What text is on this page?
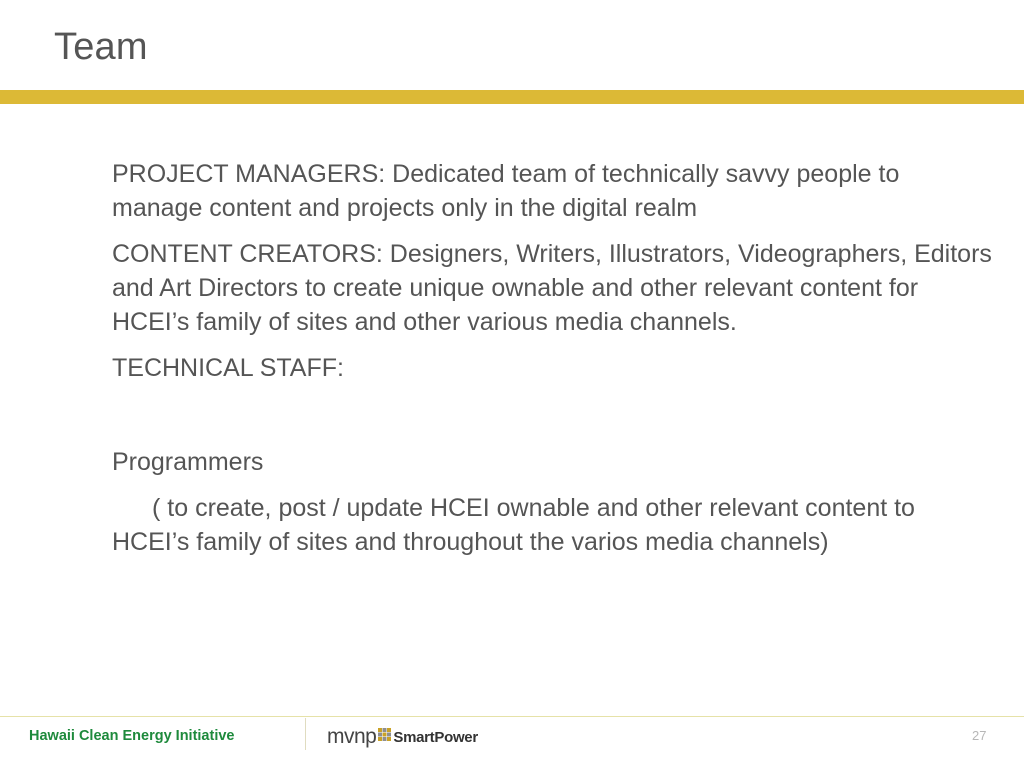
Team

PROJECT MANAGERS: Dedicated team of technically savvy people to manage content and projects only in the digital realm

CONTENT CREATORS: Designers, Writers, Illustrators, Videographers, Editors and Art Directors to create unique ownable and other relevant content for HCEI’s family of sites and other various media channels.

TECHNICAL STAFF:

Programmers

( to create, post / update HCEI ownable and other relevant content to HCEI’s family of sites and throughout the varios media channels)

Hawaii Clean Energy Initiative	mvnp SmartPower	27
